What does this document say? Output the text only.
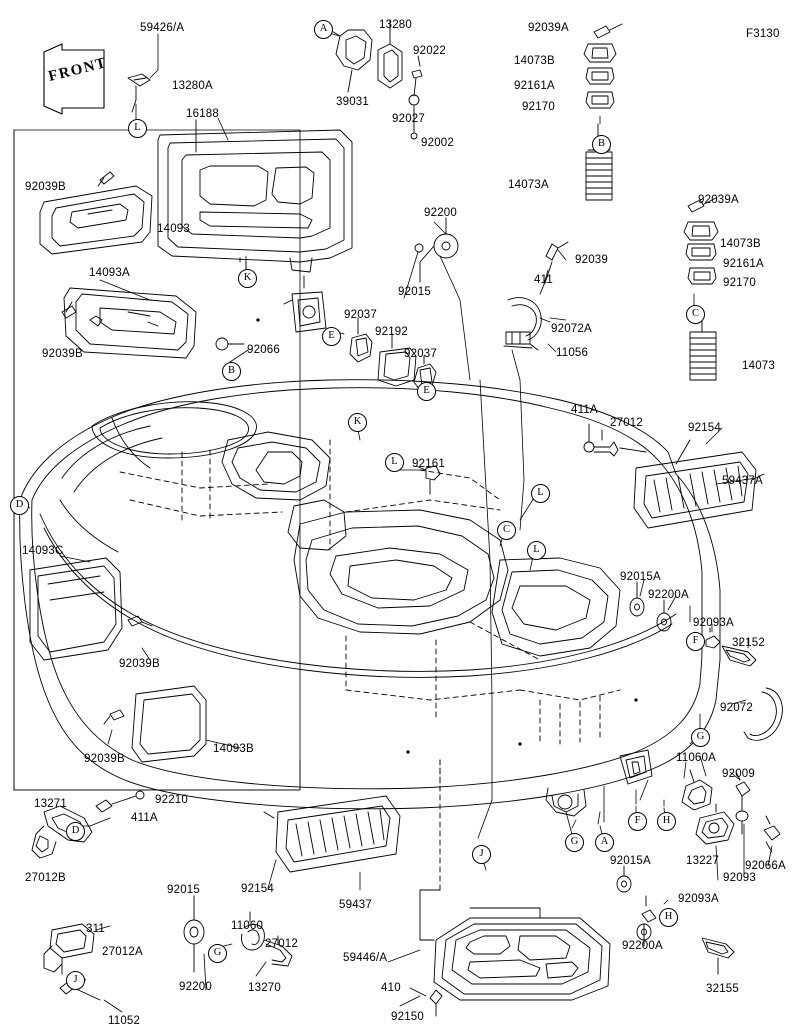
FRONT
59426/A	13280	92039A	F3130
92022
14073B
13280A	92161A
39031
92027
92170
16188
92002
14073A
92039A
92039B
92200
14093
14073B
92039	92161A
411
92015
92170
14093A
92037
92192	92072A
92039B	92066	92037	11056
14073
411A
27012	92154
92161
59437A
14093C
92015A
92200A
92093A
32152
92039B
92072
11060A
92009
92039B
14093B
13271	92210
411A
92015A	13227
92093
92066A
27012B
92015	92154
92093A
11060
27012
59437
311
27012A	92200A
59446/A
92200	13270	410	32155
11052	92150
A
L
B
K
C
E
B
E
K
L
D
L
C
L
F
G
G	A
F	H
J
D
H
G
J
